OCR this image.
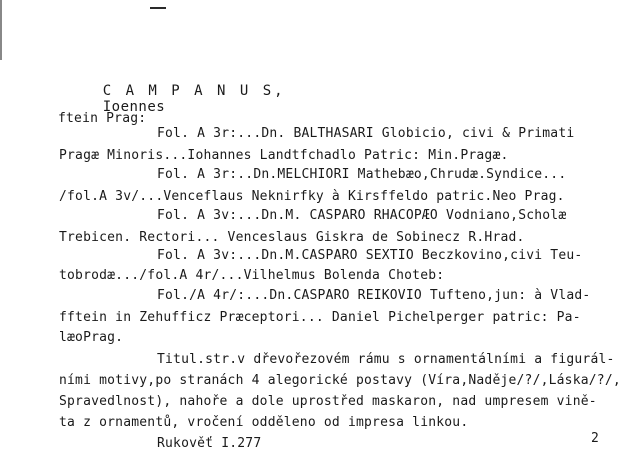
C A M P A N U S,
Ioennes

ftein Prag:
Fol. A 3r:...Dn. BALTHASARI Globicio, civi & Primati
Pragæ Minoris...Iohannes Landtfchadlo Patric: Min.Pragæ.
Fol. A 3r:..Dn.MELCHIORI Mathebæo,Chrudæ.Syndice...
/fol.A 3v/...Venceflaus Neknirfky à Kirsffeldo patric.Neo Prag.
Fol. A 3v:...Dn.M. CASPARO RHACOPÆO Vodniano,Scholæ
Trebicen. Rectori... Venceslaus Giskra de Sobinecz R.Hrad.
Fol. A 3v:...Dn.M.CASPARO SEXTIO Beczkovino,civi Teu-
tobrodæ.../fol.A 4r/...Vilhelmus Bolenda Choteb:
Fol./A 4r/:...Dn.CASPARO REIKOVIO Tufteno,jun: à Vlad-
fftein in Zehufficz Præceptori... Daniel Pichelperger patric: Pa-
læoPrag.
Titul.str.v dřevořezovém rámu s ornamentálními a figurál-
ními motivy,po stranách 4 alegorické postavy (Víra,Naděje/?/,Láska/?/,
Spravedlnost), nahoře a dole uprostřed maskaron, nad umpresem vině-
ta z ornamentů, vročení odděleno od impresa linkou.
Rukověť I.277	2
